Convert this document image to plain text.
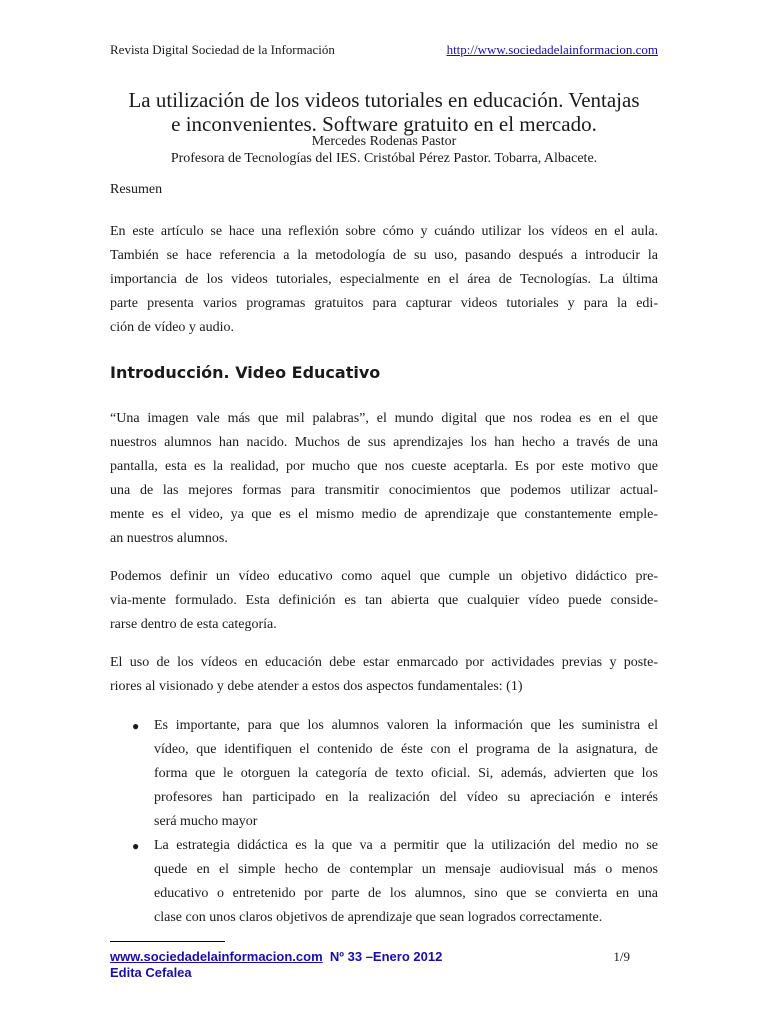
Revista Digital Sociedad de la Información	http://www.sociedadelainformacion.com
La utilización de los videos tutoriales en educación. Ventajas
e inconvenientes. Software gratuito en el mercado.
Mercedes Rodenas Pastor
Profesora de Tecnologías del IES. Cristóbal Pérez Pastor. Tobarra, Albacete.
Resumen
En este artículo se hace una reflexión sobre cómo y cuándo utilizar los vídeos en el aula.
También se hace referencia a la metodología de su uso, pasando después a introducir la
importancia de los videos tutoriales, especialmente en el área de Tecnologías. La última
parte presenta varios programas gratuitos para capturar videos tutoriales y para la edi-
ción de vídeo y audio.
Introducción. Video Educativo
“Una imagen vale más que mil palabras”, el mundo digital que nos rodea es en el que
nuestros alumnos han nacido. Muchos de sus aprendizajes los han hecho a través de una
pantalla, esta es la realidad, por mucho que nos cueste aceptarla. Es por este motivo que
una de las mejores formas para transmitir conocimientos que podemos utilizar actual-
mente es el video, ya que es el mismo medio de aprendizaje que constantemente emple-
an nuestros alumnos.
Podemos definir un vídeo educativo como aquel que cumple un objetivo didáctico pre-
via-mente formulado. Esta definición es tan abierta que cualquier vídeo puede conside-
rarse dentro de esta categoría.
El uso de los vídeos en educación debe estar enmarcado por actividades previas y poste-
riores al visionado y debe atender a estos dos aspectos fundamentales: (1)
● Es importante, para que los alumnos valoren la información que les suministra el
vídeo, que identifiquen el contenido de éste con el programa de la asignatura, de
forma que le otorguen la categoría de texto oficial. Si, además, advierten que los
profesores han participado en la realización del vídeo su apreciación e interés
será mucho mayor
● La estrategia didáctica es la que va a permitir que la utilización del medio no se
quede en el simple hecho de contemplar un mensaje audiovisual más o menos
educativo o entretenido por parte de los alumnos, sino que se convierta en una
clase con unos claros objetivos de aprendizaje que sean logrados correctamente.
www.sociedadelainformacion.com Nº 33 –Enero 2012
Edita Cefalea
1/9
